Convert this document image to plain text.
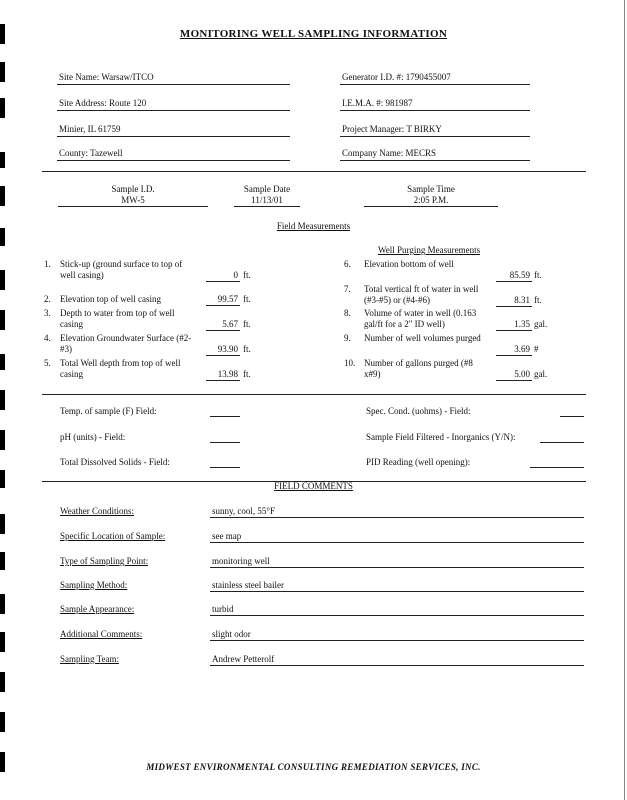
MONITORING WELL SAMPLING INFORMATION
Site Name: Warsaw/ITCO	Generator I.D. #: 1790455007
Site Address: Route 120	I.E.M.A. #: 981987
Minier, IL 61759	Project Manager: T BIRKY
County: Tazewell	Company Name: MECRS
Sample I.D.
MW-5
Sample Date
11/13/01
Sample Time
2:05 P.M.
Field Measurements
Well Purging Measurements
1. Stick-up (ground surface to top of
well casing)	0 ft.
2. Elevation top of well casing	99.57 ft.
3. Depth to water from top of well
casing	5.67 ft.
4. Elevation Groundwater Surface (#2-
#3)	93.90 ft.
5. Total Well depth from top of well
casing	13.98 ft.
6. Elevation bottom of well
85.59 ft.
7. Total vertical ft of water in well
(#3-#5) or (#4-#6)	8.31 ft.
8. Volume of water in well (0.163
gal/ft for a 2" ID well)	1.35 gal.
9. Number of well volumes purged
3.69 #
10. Number of gallons purged (#8
x#9)	5.00 gal.
Temp. of sample (F) Field:
pH (units) - Field:
Total Dissolved Solids - Field:
Spec. Cond. (uohms) - Field:
Sample Field Filtered - Inorganics (Y/N):
PID Reading (well opening):
FIELD COMMENTS
Weather Conditions:	sunny, cool, 55°F
Specific Location of Sample:	see map
Type of Sampling Point:	monitoring well
Sampling Method:	stainless steel bailer
Sample Appearance:	turbid
Additional Comments:	slight odor
Sampling Team:	Andrew Petterolf
MIDWEST ENVIRONMENTAL CONSULTING REMEDIATION SERVICES, INC.
